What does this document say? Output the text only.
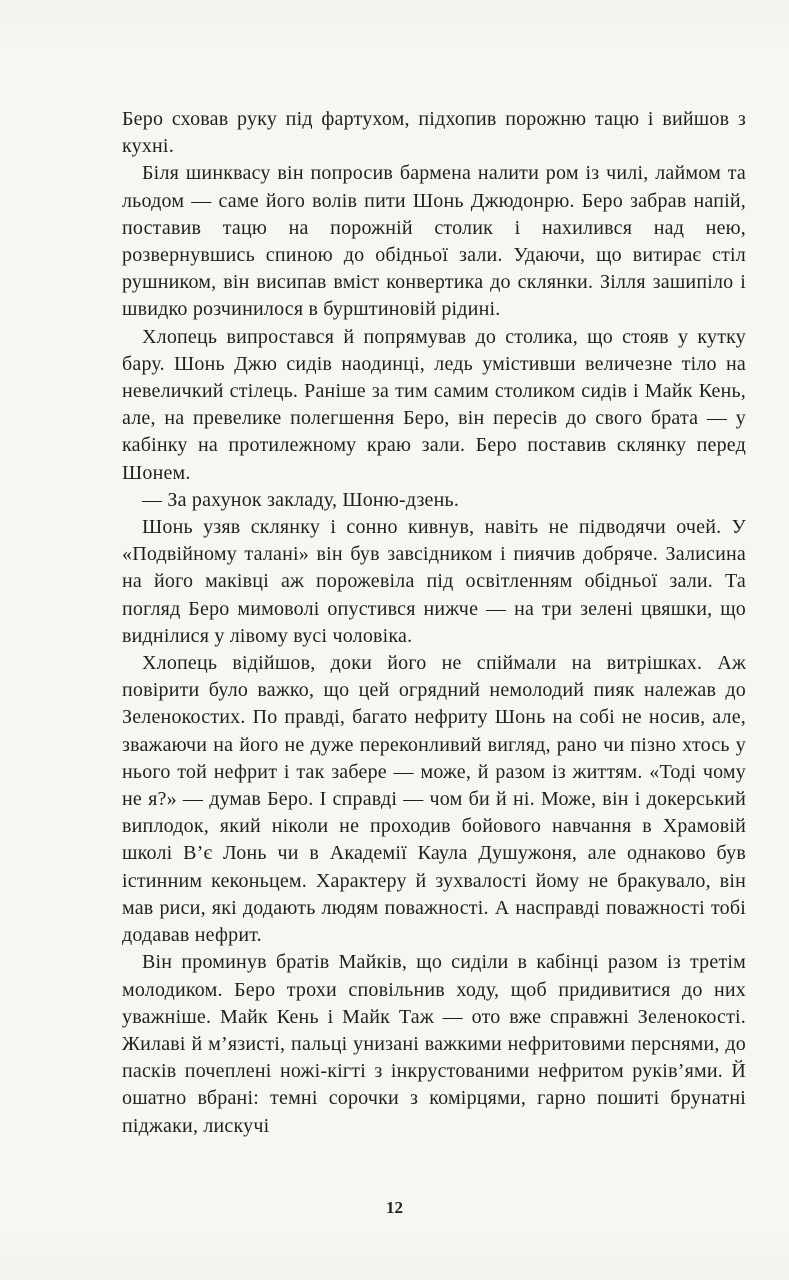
Беро сховав руку під фартухом, підхопив порожню тацю і вийшов з кухні.

Біля шинквасу він попросив бармена налити ром із чилі, лаймом та льодом — саме його волів пити Шонь Джюдонрю. Беро забрав напій, поставив тацю на порожній столик і нахилився над нею, розвернувшись спиною до обідньої зали. Удаючи, що витирає стіл рушником, він висипав вміст конвертика до склянки. Зілля зашипіло і швидко розчинилося в бурштиновій рідині.

Хлопець випростався й попрямував до столика, що стояв у кутку бару. Шонь Джю сидів наодинці, ледь умістивши величезне тіло на невеличкий стілець. Раніше за тим самим столиком сидів і Майк Кень, але, на превелике полегшення Беро, він пересів до свого брата — у кабінку на протилежному краю зали. Беро поставив склянку перед Шонем.

— За рахунок закладу, Шоню-дзень.

Шонь узяв склянку і сонно кивнув, навіть не підводячи очей. У «Подвійному талані» він був завсідником і пиячив добряче. Залисина на його маківці аж порожевіла під освітленням обідньої зали. Та погляд Беро мимоволі опустився нижче — на три зелені цвяшки, що виднілися у лівому вусі чоловіка.

Хлопець відійшов, доки його не спіймали на витрішках. Аж повірити було важко, що цей огрядний немолодий пияк належав до Зеленокостих. По правді, багато нефриту Шонь на собі не носив, але, зважаючи на його не дуже переконливий вигляд, рано чи пізно хтось у нього той нефрит і так забере — може, й разом із життям. «Тоді чому не я?» — думав Беро. І справді — чом би й ні. Може, він і докерський виплодок, який ніколи не проходив бойового навчання в Храмовій школі В’є Лонь чи в Академії Каула Душужоня, але однаково був істинним кеконьцем. Характеру й зухвалості йому не бракувало, він мав риси, які додають людям поважності. А насправді поважності тобі додавав нефрит.

Він проминув братів Майків, що сиділи в кабінці разом із третім молодиком. Беро трохи сповільнив ходу, щоб придивитися до них уважніше. Майк Кень і Майк Таж — ото вже справжні Зеленокості. Жилаві й м’язисті, пальці унизані важкими нефритовими перснями, до пасків почеплені ножі-кігті з інкрустованими нефритом руків’ями. Й ошатно вбрані: темні сорочки з комірцями, гарно пошиті брунатні піджаки, лискучі

12
